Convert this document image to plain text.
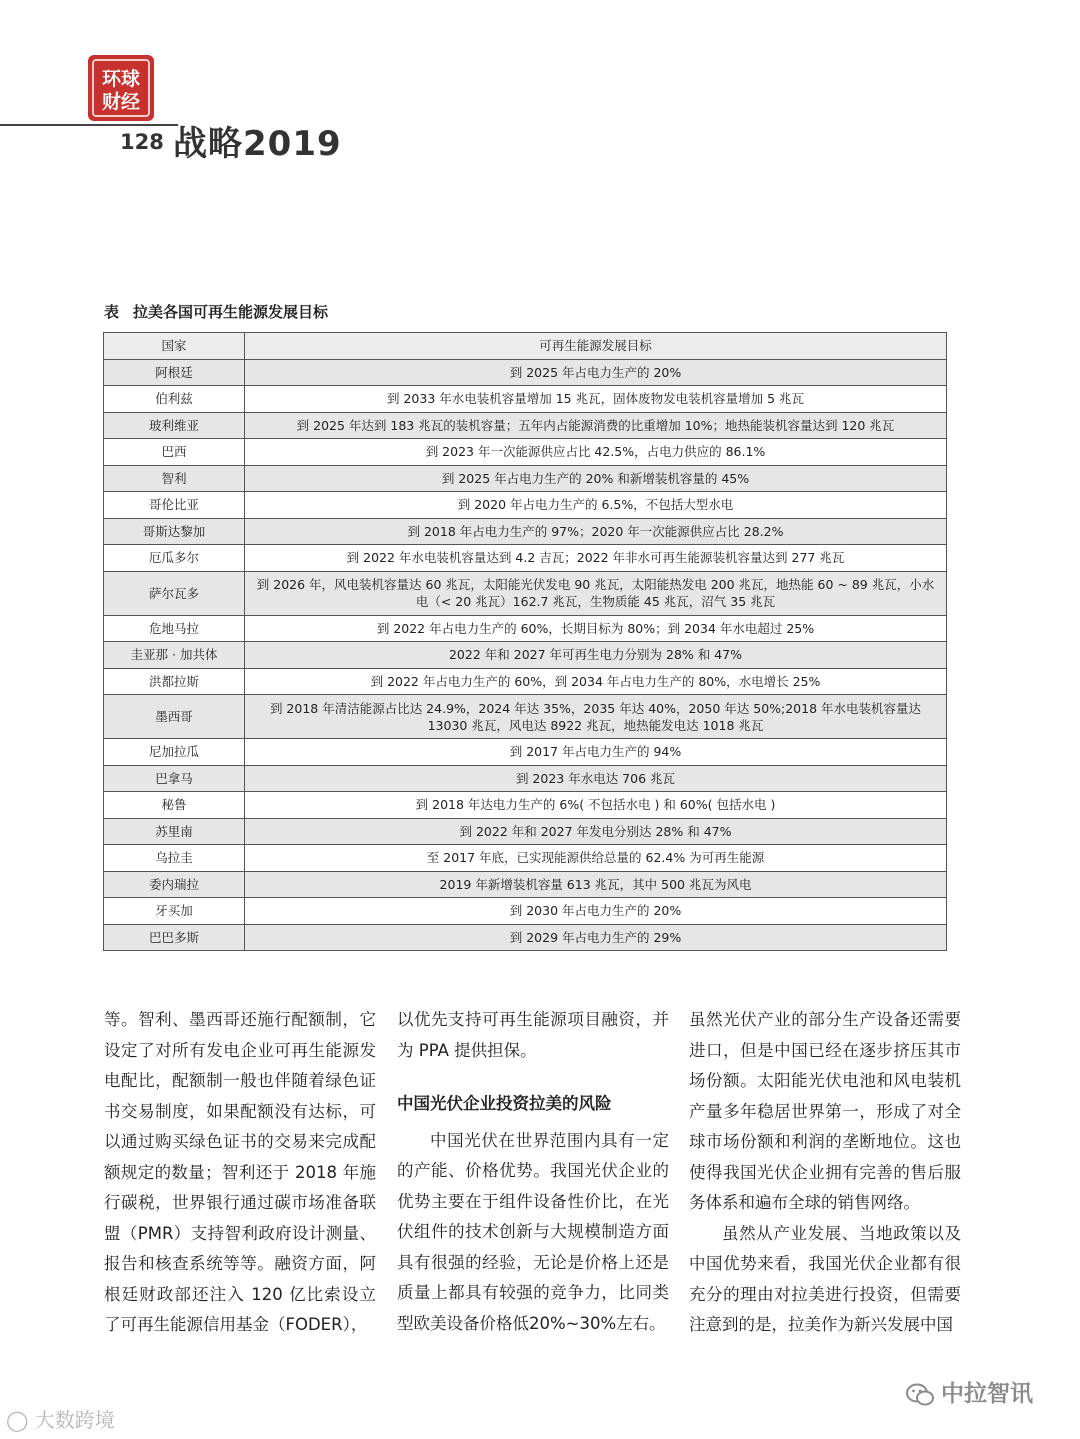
环球
财经
128 战略2019
表 拉美各国可再生能源发展目标
国家	可再生能源发展目标
阿根廷	到 2025 年占电力生产的 20%
伯利兹	到 2033 年水电装机容量增加 15 兆瓦，固体废物发电装机容量增加 5 兆瓦
玻利维亚	到 2025 年达到 183 兆瓦的装机容量；五年内占能源消费的比重增加 10%；地热能装机容量达到 120 兆瓦
巴西	到 2023 年一次能源供应占比 42.5%，占电力供应的 86.1%
智利	到 2025 年占电力生产的 20% 和新增装机容量的 45%
哥伦比亚	到 2020 年占电力生产的 6.5%，不包括大型水电
哥斯达黎加	到 2018 年占电力生产的 97%；2020 年一次能源供应占比 28.2%
厄瓜多尔	到 2022 年水电装机容量达到 4.2 吉瓦；2022 年非水可再生能源装机容量达到 277 兆瓦
萨尔瓦多	到 2026 年，风电装机容量达 60 兆瓦，太阳能光伏发电 90 兆瓦，太阳能热发电 200 兆瓦，地热能 60 ~ 89 兆瓦，小水电（< 20 兆瓦）162.7 兆瓦，生物质能 45 兆瓦，沼气 35 兆瓦
危地马拉	到 2022 年占电力生产的 60%，长期目标为 80%；到 2034 年水电超过 25%
圭亚那 · 加共体	2022 年和 2027 年可再生电力分别为 28% 和 47%
洪都拉斯	到 2022 年占电力生产的 60%，到 2034 年占电力生产的 80%，水电增长 25%
墨西哥	到 2018 年清洁能源占比达 24.9%，2024 年达 35%，2035 年达 40%，2050 年达 50%;2018 年水电装机容量达 13030 兆瓦，风电达 8922 兆瓦，地热能发电达 1018 兆瓦
尼加拉瓜	到 2017 年占电力生产的 94%
巴拿马	到 2023 年水电达 706 兆瓦
秘鲁	到 2018 年达电力生产的 6%( 不包括水电 ) 和 60%( 包括水电 )
苏里南	到 2022 年和 2027 年发电分别达 28% 和 47%
乌拉圭	至 2017 年底，已实现能源供给总量的 62.4% 为可再生能源
委内瑞拉	2019 年新增装机容量 613 兆瓦，其中 500 兆瓦为风电
牙买加	到 2030 年占电力生产的 20%
巴巴多斯	到 2029 年占电力生产的 29%

等。智利、墨西哥还施行配额制，它设定了对所有发电企业可再生能源发电配比，配额制一般也伴随着绿色证书交易制度，如果配额没有达标，可以通过购买绿色证书的交易来完成配额规定的数量；智利还于 2018 年施行碳税，世界银行通过碳市场准备联盟（PMR）支持智利政府设计测量、报告和核查系统等等。融资方面，阿根廷财政部还注入 120 亿比索设立了可再生能源信用基金（FODER），

以优先支持可再生能源项目融资，并为 PPA 提供担保。

中国光伏企业投资拉美的风险

中国光伏在世界范围内具有一定的产能、价格优势。我国光伏企业的优势主要在于组件设备性价比，在光伏组件的技术创新与大规模制造方面具有很强的经验，无论是价格上还是质量上都具有较强的竞争力，比同类型欧美设备价格低20%~30%左右。

虽然光伏产业的部分生产设备还需要进口，但是中国已经在逐步挤压其市场份额。太阳能光伏电池和风电装机产量多年稳居世界第一，形成了对全球市场份额和利润的垄断地位。这也使得我国光伏企业拥有完善的售后服务体系和遍布全球的销售网络。

虽然从产业发展、当地政策以及中国优势来看，我国光伏企业都有很充分的理由对拉美进行投资，但需要注意到的是，拉美作为新兴发展中国

◯ 大数跨境
中拉智讯
